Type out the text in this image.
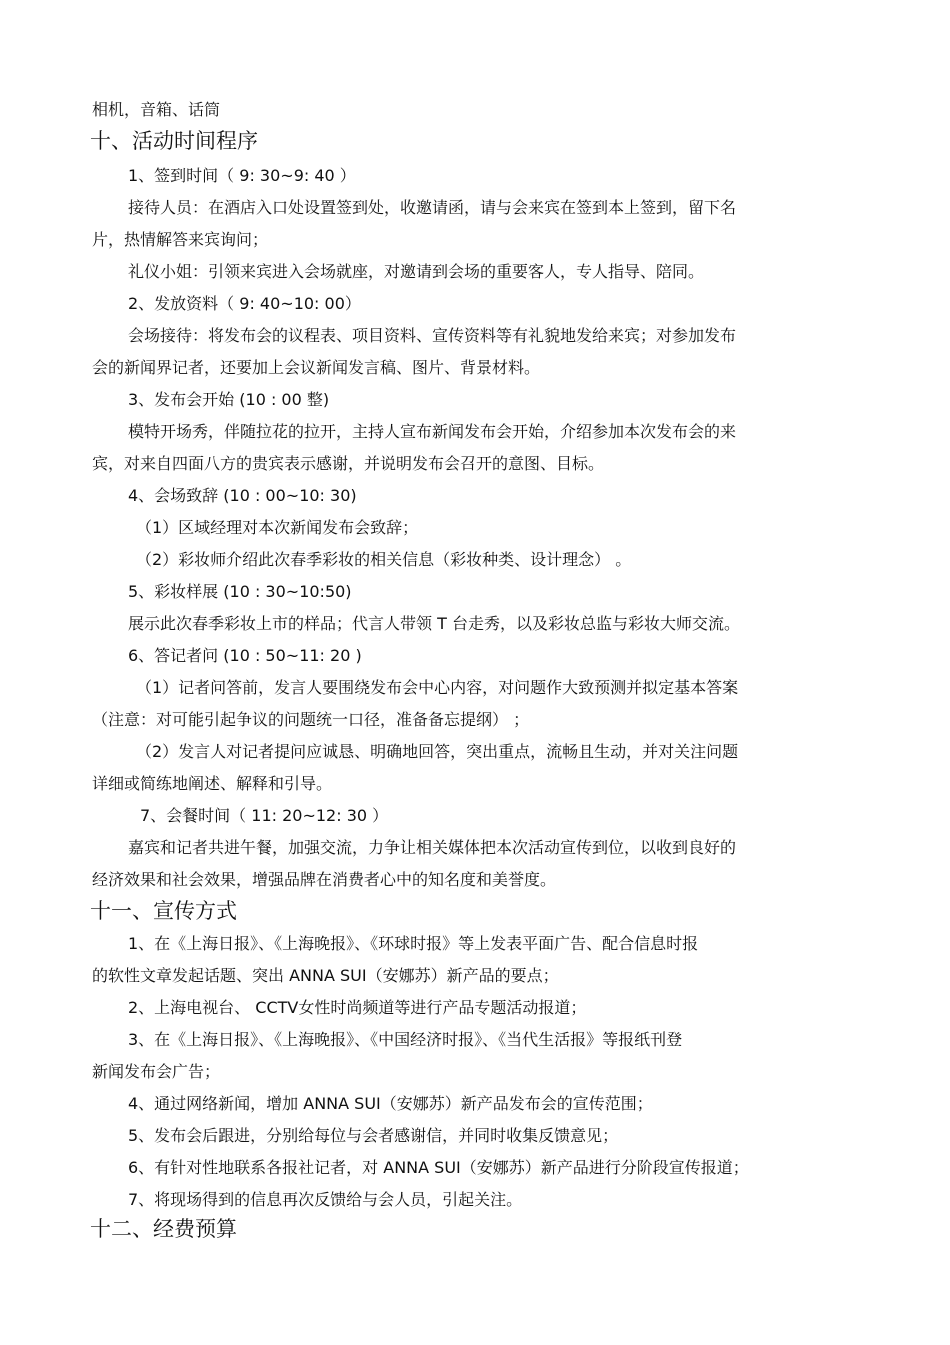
相机，音箱、话筒
十、活动时间程序
1、签到时间（ 9: 30~9: 40 ）
接待人员：在酒店入口处设置签到处，收邀请函，请与会来宾在签到本上签到，留下名
片，热情解答来宾询问；
礼仪小姐：引领来宾进入会场就座，对邀请到会场的重要客人，专人指导、陪同。
2、发放资料（ 9: 40~10: 00）
会场接待：将发布会的议程表、项目资料、宣传资料等有礼貌地发给来宾；对参加发布
会的新闻界记者，还要加上会议新闻发言稿、图片、背景材料。
3、发布会开始 (10 : 00 整)
模特开场秀，伴随拉花的拉开，主持人宣布新闻发布会开始，介绍参加本次发布会的来
宾，对来自四面八方的贵宾表示感谢，并说明发布会召开的意图、目标。
4、会场致辞 (10 : 00~10: 30)
（1）区域经理对本次新闻发布会致辞；
（2）彩妆师介绍此次春季彩妆的相关信息（彩妆种类、设计理念） 。
5、彩妆样展 (10 : 30~10:50)
展示此次春季彩妆上市的样品；代言人带领 T 台走秀，以及彩妆总监与彩妆大师交流。
6、答记者问 (10 : 50~11: 20 )
（1）记者问答前，发言人要围绕发布会中心内容，对问题作大致预测并拟定基本答案
（注意：对可能引起争议的问题统一口径，准备备忘提纲） ；
（2）发言人对记者提问应诚恳、明确地回答，突出重点，流畅且生动，并对关注问题
详细或简练地阐述、解释和引导。
7、会餐时间（ 11: 20~12: 30 ）
嘉宾和记者共进午餐，加强交流，力争让相关媒体把本次活动宣传到位，以收到良好的
经济效果和社会效果，增强品牌在消费者心中的知名度和美誉度。
十一、宣传方式
1、在《上海日报》、《上海晚报》、《环球时报》等上发表平面广告、配合信息时报
的软性文章发起话题、突出 ANNA SUI（安娜苏）新产品的要点；
2、上海电视台、 CCTV女性时尚频道等进行产品专题活动报道；
3、在《上海日报》、《上海晚报》、《中国经济时报》、《当代生活报》等报纸刊登
新闻发布会广告；
4、通过网络新闻，增加 ANNA SUI（安娜苏）新产品发布会的宣传范围；
5、发布会后跟进，分别给每位与会者感谢信，并同时收集反馈意见；
6、有针对性地联系各报社记者，对 ANNA SUI（安娜苏）新产品进行分阶段宣传报道；
7、将现场得到的信息再次反馈给与会人员，引起关注。
十二、经费预算
